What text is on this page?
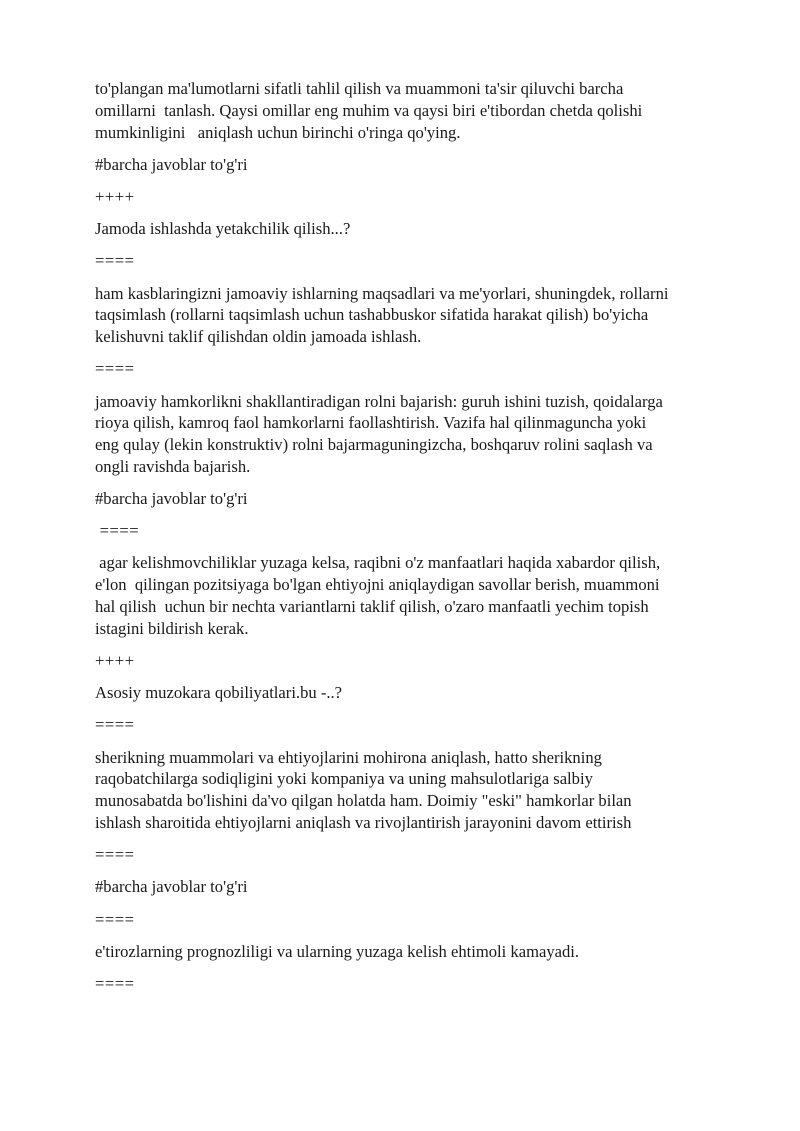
to'plangan ma'lumotlarni sifatli tahlil qilish va muammoni ta'sir qiluvchi barcha
omillarni  tanlash. Qaysi omillar eng muhim va qaysi biri e'tibordan chetda qolishi
mumkinligini   aniqlash uchun birinchi o'ringa qo'ying.
#barcha javoblar to'g'ri
++++
Jamoda ishlashda yetakchilik qilish...?
====
ham kasblaringizni jamoaviy ishlarning maqsadlari va me'yorlari, shuningdek, rollarni
taqsimlash (rollarni taqsimlash uchun tashabbuskor sifatida harakat qilish) bo'yicha
kelishuvni taklif qilishdan oldin jamoada ishlash.
====
jamoaviy hamkorlikni shakllantiradigan rolni bajarish: guruh ishini tuzish, qoidalarga
rioya qilish, kamroq faol hamkorlarni faollashtirish. Vazifa hal qilinmaguncha yoki
eng qulay (lekin konstruktiv) rolni bajarmaguningizcha, boshqaruv rolini saqlash va
ongli ravishda bajarish.
#barcha javoblar to'g'ri
====
agar kelishmovchiliklar yuzaga kelsa, raqibni o'z manfaatlari haqida xabardor qilish,
e'lon  qilingan pozitsiyaga bo'lgan ehtiyojni aniqlaydigan savollar berish, muammoni
hal qilish  uchun bir nechta variantlarni taklif qilish, o'zaro manfaatli yechim topish
istagini bildirish kerak.
++++
Asosiy muzokara qobiliyatlari.bu -..?
====
sherikning muammolari va ehtiyojlarini mohirona aniqlash, hatto sherikning
raqobatchilarga sodiqligini yoki kompaniya va uning mahsulotlariga salbiy
munosabatda bo'lishini da'vo qilgan holatda ham. Doimiy "eski" hamkorlar bilan
ishlash sharoitida ehtiyojlarni aniqlash va rivojlantirish jarayonini davom ettirish
====
#barcha javoblar to'g'ri
====
e'tirozlarning prognozliligi va ularning yuzaga kelish ehtimoli kamayadi.
====
